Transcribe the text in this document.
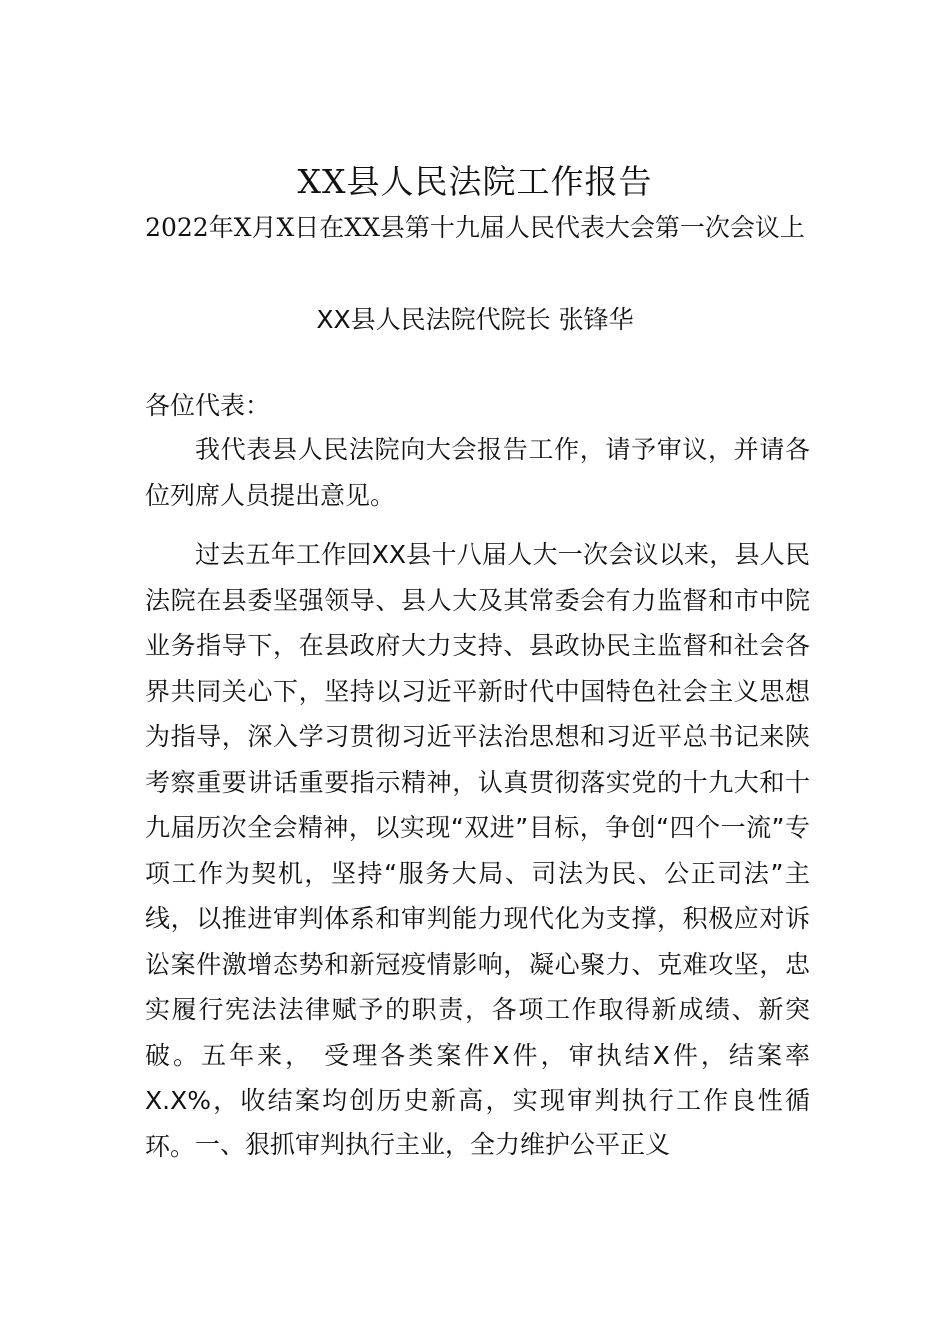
XX县人民法院工作报告
2022年X月X日在XX县第十九届人民代表大会第一次会议上
XX县人民法院代院长 张锋华

各位代表：

我代表县人民法院向大会报告工作，请予审议，并请各位列席人员提出意见。

过去五年工作回XX县十八届人大一次会议以来，县人民法院在县委坚强领导、县人大及其常委会有力监督和市中院业务指导下，在县政府大力支持、县政协民主监督和社会各界共同关心下，坚持以习近平新时代中国特色社会主义思想为指导，深入学习贯彻习近平法治思想和习近平总书记来陕考察重要讲话重要指示精神，认真贯彻落实党的十九大和十九届历次全会精神，以实现“双进”目标，争创“四个一流”专项工作为契机，坚持“服务大局、司法为民、公正司法”主线，以推进审判体系和审判能力现代化为支撑，积极应对诉讼案件激增态势和新冠疫情影响，凝心聚力、克难攻坚，忠实履行宪法法律赋予的职责，各项工作取得新成绩、新突破。五年来， 受理各类案件X件，审执结X件，结案率X.X%，收结案均创历史新高，实现审判执行工作良性循环。 一、狠抓审判执行主业，全力维护公平正义
